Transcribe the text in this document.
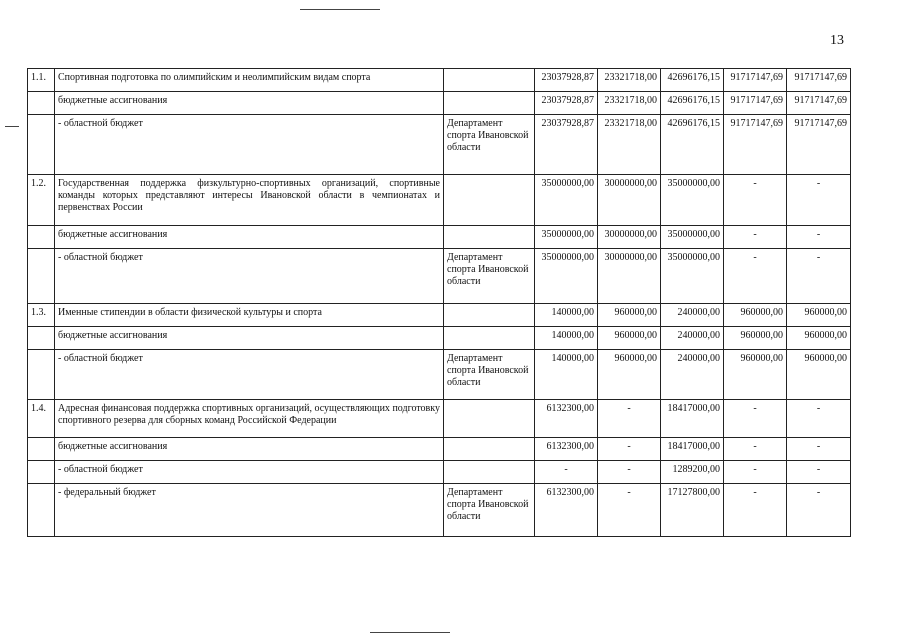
13
1.1.	Спортивная подготовка по олимпийским и неолимпийским видам спорта		23037928,87	23321718,00	42696176,15	91717147,69	91717147,69
	бюджетные ассигнования		23037928,87	23321718,00	42696176,15	91717147,69	91717147,69
	- областной бюджет	Департамент спорта Ивановской области	23037928,87	23321718,00	42696176,15	91717147,69	91717147,69
1.2.	Государственная поддержка физкультурно-спортивных организаций, спортивные команды которых представляют интересы Ивановской области в чемпионатах и первенствах России		35000000,00	30000000,00	35000000,00	-	-
	бюджетные ассигнования		35000000,00	30000000,00	35000000,00	-	-
	- областной бюджет	Департамент спорта Ивановской области	35000000,00	30000000,00	35000000,00	-	-
1.3.	Именные стипендии в области физической культуры и спорта		140000,00	960000,00	240000,00	960000,00	960000,00
	бюджетные ассигнования		140000,00	960000,00	240000,00	960000,00	960000,00
	- областной бюджет	Департамент спорта Ивановской области	140000,00	960000,00	240000,00	960000,00	960000,00
1.4.	Адресная финансовая поддержка спортивных организаций, осуществляющих подготовку спортивного резерва для сборных команд Российской Федерации		6132300,00	-	18417000,00	-	-
	бюджетные ассигнования		6132300,00	-	18417000,00	-	-
	- областной бюджет		-	-	1289200,00	-	-
	- федеральный бюджет	Департамент спорта Ивановской области	6132300,00	-	17127800,00	-	-
